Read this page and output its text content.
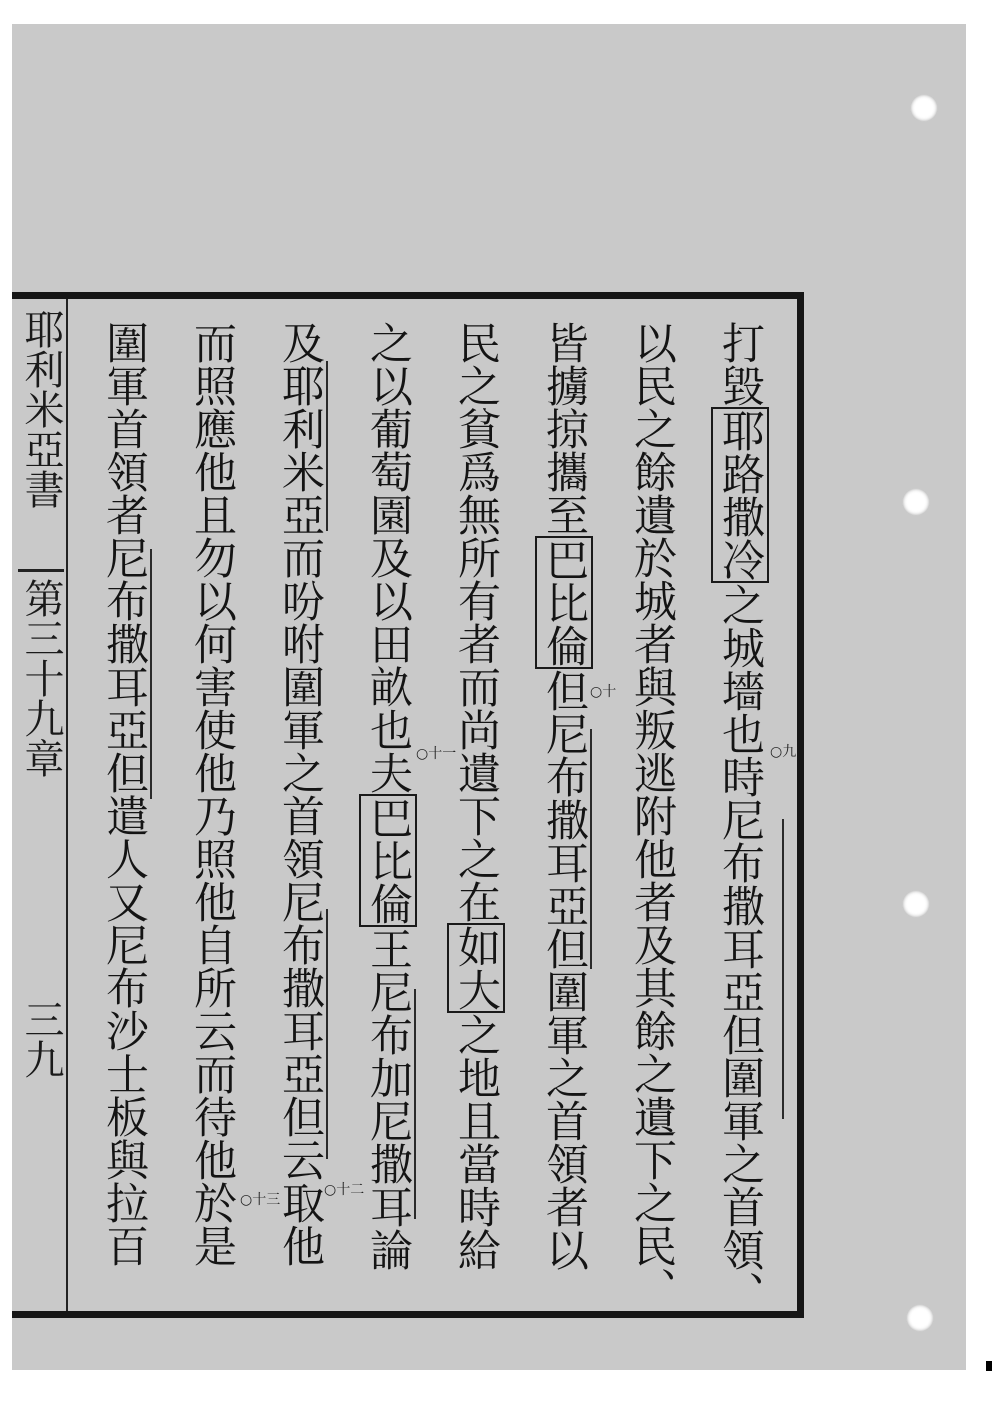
耶利米亞書
第三十九章
三九
打毀耶路撒冷之城墻也時尼布撒耳亞但圍軍之首領、
以民之餘遺於城者與叛逃附他者及其餘之遺下之民、
皆擄掠攜至巴比倫但尼布撒耳亞但圍軍之首領者以
民之貧爲無所有者而尚遺下之在如大之地且當時給
之以葡萄園及以田畝也夫巴比倫王尼布加尼撒耳論
及耶利米亞而吩咐圍軍之首領尼布撒耳亞但云取他
而照應他且勿以何害使他乃照他自所云而待他於是
圍軍首領者尼布撒耳亞但遣人又尼布沙士板與拉百	○九
○十
○十一
○十二
○十三
